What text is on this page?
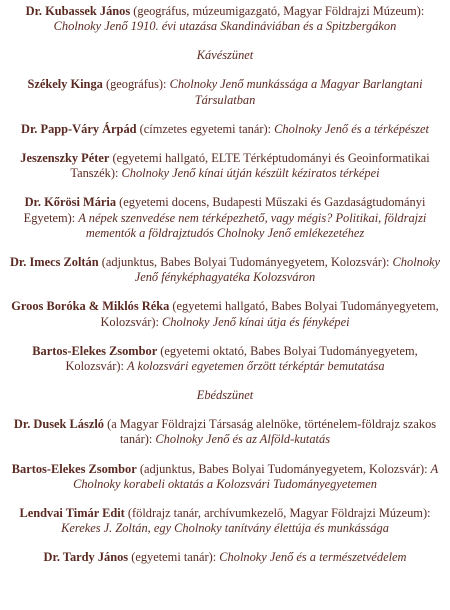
Dr. Kubassek János (geográfus, múzeumigazgató, Magyar Földrajzi Múzeum): Cholnoky Jenő 1910. évi utazása Skandináviában és a Spitzbergákon

Kávészünet

Székely Kinga (geográfus): Cholnoky Jenő munkássága a Magyar Barlangtani Társulatban

Dr. Papp-Váry Árpád (címzetes egyetemi tanár): Cholnoky Jenő és a térképészet

Jeszenszky Péter (egyetemi hallgató, ELTE Térképtudományi és Geoinformatikai Tanszék): Cholnoky Jenő kínai útján készült kéziratos térképei

Dr. Kőrösi Mária (egyetemi docens, Budapesti Műszaki és Gazdaságtudományi Egyetem): A népek szenvedése nem térképezhető, vagy mégis? Politikai, földrajzi mementók a földrajztudós Cholnoky Jenő emlékezetéhez

Dr. Imecs Zoltán (adjunktus, Babes Bolyai Tudományegyetem, Kolozsvár): Cholnoky Jenő fényképhagyatéka Kolozsváron

Groos Boróka & Miklós Réka (egyetemi hallgató, Babes Bolyai Tudományegyetem, Kolozsvár): Cholnoky Jenő kínai útja és fényképei

Bartos-Elekes Zsombor (egyetemi oktató, Babes Bolyai Tudományegyetem, Kolozsvár): A kolozsvári egyetemen őrzött térképtár bemutatása

Ebédszünet

Dr. Dusek László (a Magyar Földrajzi Társaság alelnöke, történelem-földrajz szakos tanár): Cholnoky Jenő és az Alföld-kutatás

Bartos-Elekes Zsombor (adjunktus, Babes Bolyai Tudományegyetem, Kolozsvár): A Cholnoky korabeli oktatás a Kolozsvári Tudományegyetemen

Lendvai Timár Edit (földrajz tanár, archívumkezelő, Magyar Földrajzi Múzeum): Kerekes J. Zoltán, egy Cholnoky tanítvány élettúja és munkássága

Dr. Tardy János (egyetemi tanár): Cholnoky Jenő és a természetvédelem
